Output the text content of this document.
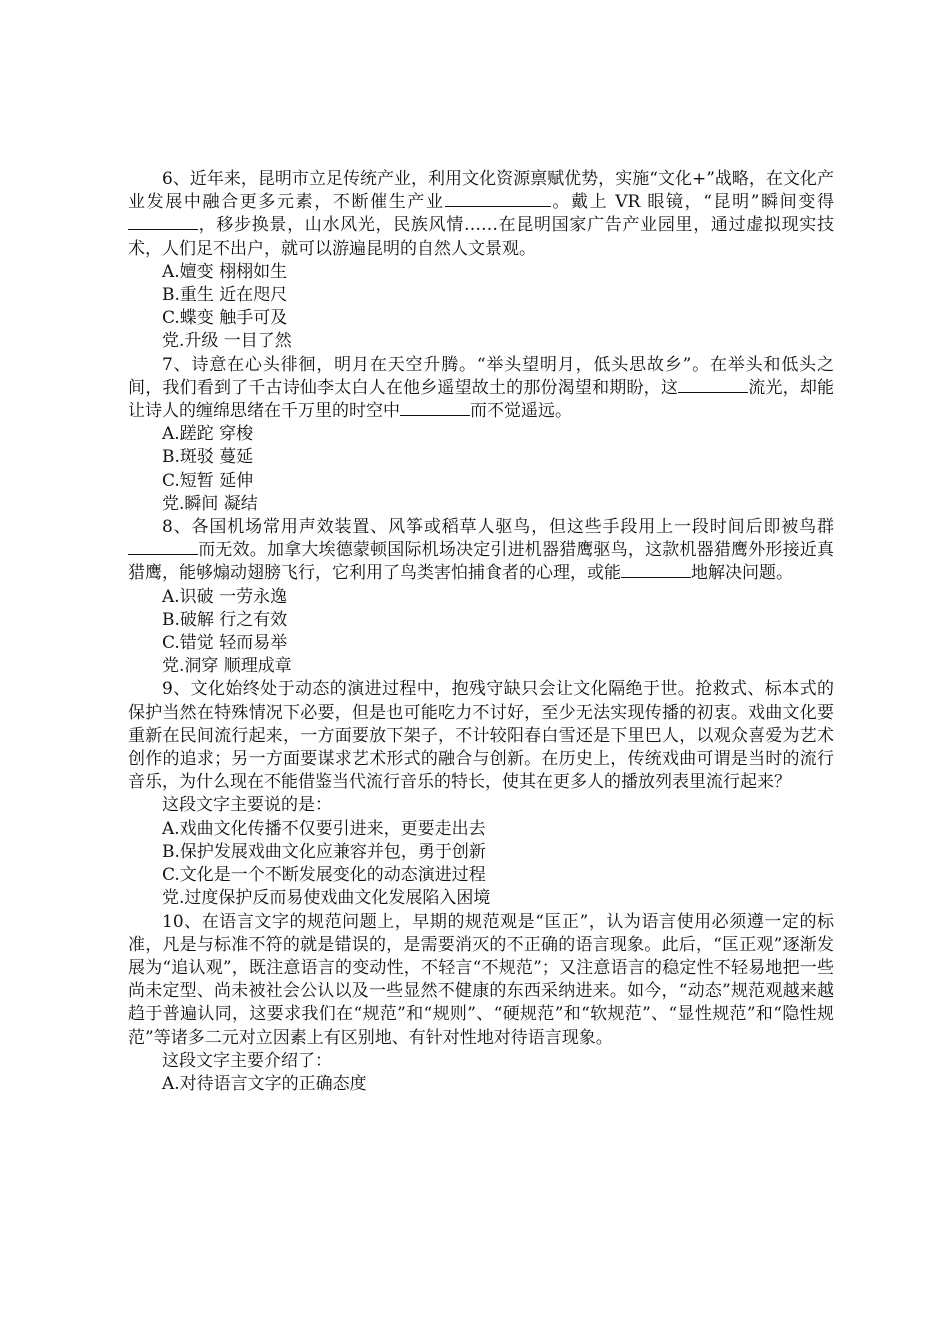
6、近年来，昆明市立足传统产业，利用文化资源禀赋优势，实施“文化+”战略，在文化产业发展中融合更多元素，不断催生产业	。戴上 VR 眼镜，“昆明”瞬间变得，移步换景，山水风光，民族风情……在昆明国家广告产业园里，通过虚拟现实技术，人们足不出户，就可以游遍昆明的自然人文景观。

A.嬗变 栩栩如生

B.重生 近在咫尺

C.蝶变 触手可及

党.升级 一目了然

7、诗意在心头徘徊，明月在天空升腾。“举头望明月，低头思故乡”。在举头和低头之间，我们看到了千古诗仙李太白人在他乡遥望故土的那份渴望和期盼，这	流光，却能让诗人的缠绵思绪在千万里的时空中	而不觉遥远。

A.蹉跎 穿梭

B.斑驳 蔓延

C.短暂 延伸

党.瞬间 凝结

8、各国机场常用声效装置、风筝或稻草人驱鸟，但这些手段用上一段时间后即被鸟群而无效。加拿大埃德蒙顿国际机场决定引进机器猎鹰驱鸟，这款机器猎鹰外形接近真猎鹰，能够煽动翅膀飞行，它利用了鸟类害怕捕食者的心理，或能	地解决问题。

A.识破 一劳永逸

B.破解 行之有效

C.错觉 轻而易举

党.洞穿 顺理成章

9、文化始终处于动态的演进过程中，抱残守缺只会让文化隔绝于世。抢救式、标本式的保护当然在特殊情况下必要，但是也可能吃力不讨好，至少无法实现传播的初衷。戏曲文化要重新在民间流行起来，一方面要放下架子，不计较阳春白雪还是下里巴人，以观众喜爱为艺术创作的追求；另一方面要谋求艺术形式的融合与创新。在历史上，传统戏曲可谓是当时的流行音乐，为什么现在不能借鉴当代流行音乐的特长，使其在更多人的播放列表里流行起来？

这段文字主要说的是：

A.戏曲文化传播不仅要引进来，更要走出去

B.保护发展戏曲文化应兼容并包，勇于创新

C.文化是一个不断发展变化的动态演进过程

党.过度保护反而易使戏曲文化发展陷入困境

10、在语言文字的规范问题上，早期的规范观是“匡正”，认为语言使用必须遵一定的标准，凡是与标准不符的就是错误的，是需要消灭的不正确的语言现象。此后，“匡正观”逐渐发展为“追认观”，既注意语言的变动性，不轻言“不规范”；又注意语言的稳定性不轻易地把一些尚未定型、尚未被社会公认以及一些显然不健康的东西采纳进来。如今，“动态”规范观越来越趋于普遍认同，这要求我们在“规范”和“规则”、“硬规范”和“软规范”、“显性规范”和“隐性规范”等诸多二元对立因素上有区别地、有针对性地对待语言现象。

这段文字主要介绍了：

A.对待语言文字的正确态度
